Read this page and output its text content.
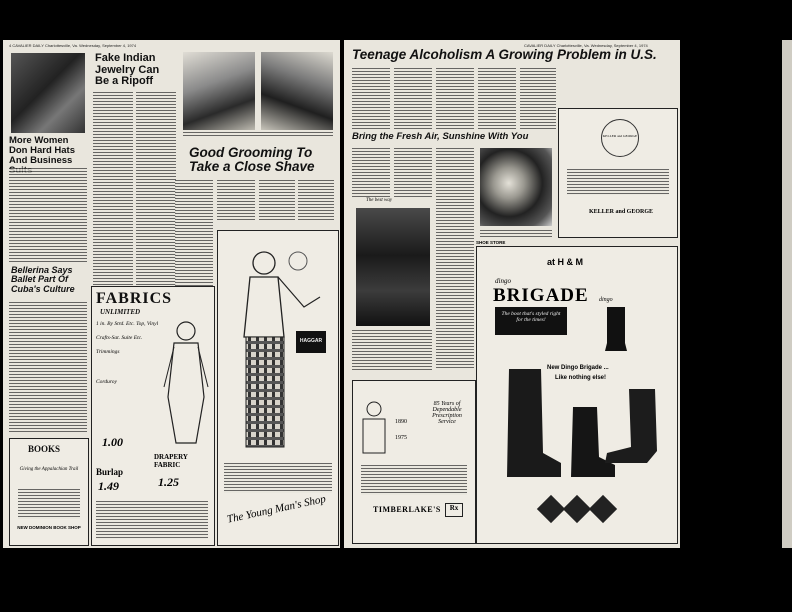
4 CAVALIER DAILY Charlottesville, Va. Wednesday, September 4, 1974
More Women Don Hard Hats And Business
Fake Indian Jewelry Can Be a Ripoff
Good Grooming To Take a Close Shave
Bellerina Says Ballet Part Of Cuba's Culture
FABRICS
UNLIMITED
1 in. By Strd. Etc. Top, Vinyl
Crafts-Sat. Suite Etc.
Trimmings
Corduroy
1.00
Burlap
1.49
DRAPERY FABRIC
1.25
BOOKS
Giving the Appalachian Trail
NEW DOMINION BOOK SHOP
HAGGAR
The Young Man's Shop
CAVALIER DAILY Charlottesville, Va. Wednesday, September 4, 1974
Teenage Alcoholism A Growing Problem in U.S.
Bring the Fresh Air, Sunshine With You
The best way
KELLER and GEORGE
KELLER and GEORGE
SHOE STORE
at H & M
dingo
BRIGADE
The boot that's styled right for the times!
dingo
New Dingo Brigade ...
Like nothing else!
1890
1975
85 Years of Dependable Prescription Service
TIMBERLAKE'S	Rx
